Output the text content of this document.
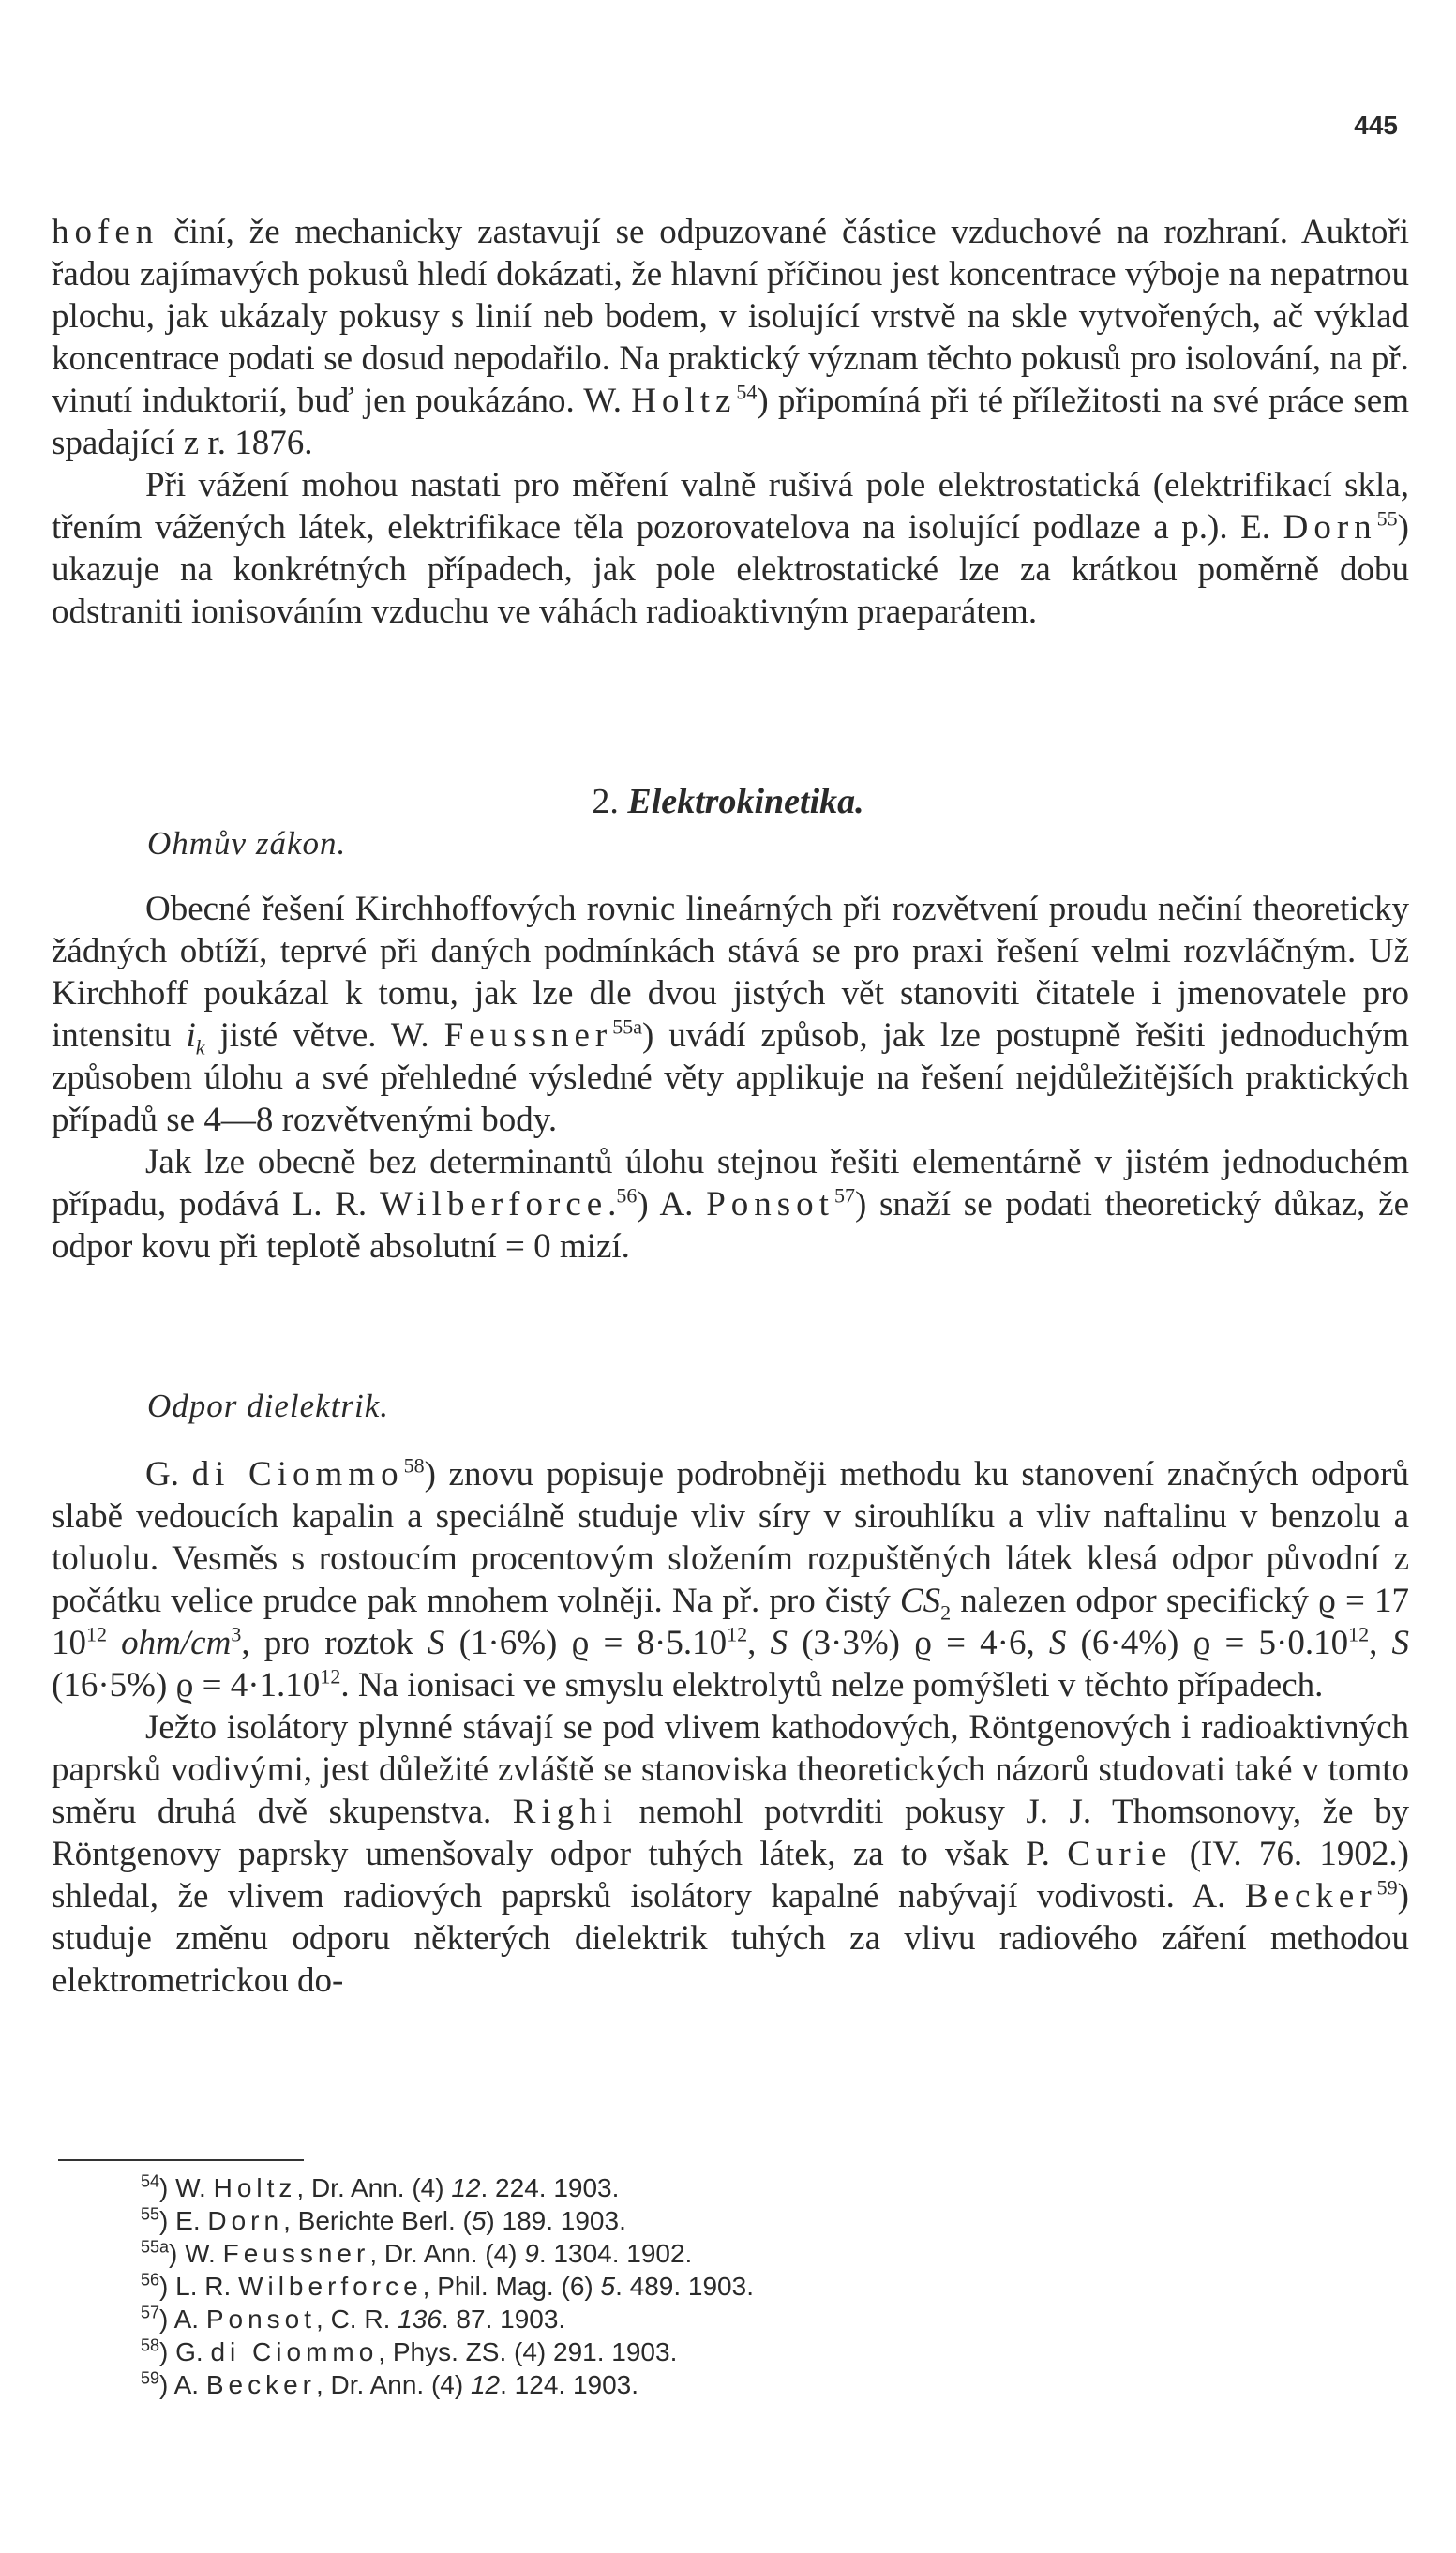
445

hofen činí, že mechanicky zastavují se odpuzované částice vzduchové na rozhraní. Auktoři řadou zajímavých pokusů hledí dokázati, že hlavní příčinou jest koncentrace výboje na nepatrnou plochu, jak ukázaly pokusy s linií neb bodem, v isolující vrstvě na skle vytvořených, ač výklad koncentrace podati se dosud nepodařilo. Na praktický význam těchto pokusů pro isolování, na př. vinutí induktorií, buď jen poukázáno. W. Holtz$^{54}$) připomíná při té příležitosti na své práce sem spadající z r. 1876.

Při vážení mohou nastati pro měření valně rušivá pole elektrostatická (elektrifikací skla, třením vážených látek, elektrifikace těla pozorovatelova na isolující podlaze a p.). E. Dorn$^{55}$) ukazuje na konkrétných případech, jak pole elektrostatické lze za krátkou poměrně dobu odstraniti ionisováním vzduchu ve váhách radioaktivným praeparátem.

2. Elektrokinetika.
Ohmův zákon.

Obecné řešení Kirchhoffových rovnic lineárných při rozvětvení proudu nečiní theoreticky žádných obtíží, teprvé při daných podmínkách stává se pro praxi řešení velmi rozvláčným. Už Kirchhoff poukázal k tomu, jak lze dle dvou jistých vět stanoviti čitatele i jmenovatele pro intensitu $i_k$ jisté větve. W. Feussner$^{55a}$) uvádí způsob, jak lze postupně řešiti jednoduchým způsobem úlohu a své přehledné výsledné věty applikuje na řešení nejdůležitějších praktických případů se 4—8 rozvětvenými body.

Jak lze obecně bez determinantů úlohu stejnou řešiti elementárně v jistém jednoduchém případu, podává L. R. Wilberforce.$^{56}$) A. Ponsot$^{57}$) snaží se podati theoretický důkaz, že odpor kovu při teplotě absolutní = 0 mizí.

Odpor dielektrik.

G. di Ciommo$^{58}$) znovu popisuje podrobněji methodu ku stanovení značných odporů slabě vedoucích kapalin a speciálně studuje vliv síry v sirouhlíku a vliv naftalinu v benzolu a toluolu. Vesměs s rostoucím procentovým složením rozpuštěných látek klesá odpor původní z počátku velice prudce pak mnohem volněji. Na př. pro čistý $CS_2$ nalezen odpor specifický ϱ = 17 $10^{12}$ ohm/$cm^3$, pro roztok S (1·6%) $ϱ = 8\cdot 5.10^{12}$, S (3·3%) ϱ = 4·6, S (6·4%) $ϱ = 5\cdot 0.10^{12}$, S (16·5%) $ϱ = 4\cdot 1.10^{12}$. Na ionisaci ve smyslu elektrolytů nelze pomýšleti v těchto případech.

Ježto isolátory plynné stávají se pod vlivem kathodových, Röntgenových i radioaktivných paprsků vodivými, jest důležité zvláště se stanoviska theoretických názorů studovati také v tomto směru druhá dvě skupenstva. Righi nemohl potvrditi pokusy J. J. Thomsonovy, že by Röntgenovy paprsky umenšovaly odpor tuhých látek, za to však P. Curie (IV. 76. 1902.) shledal, že vlivem radiových paprsků isolátory kapalné nabývají vodivosti. A. Becker$^{59}$) studuje změnu odporu některých dielektrik tuhých za vlivu radiového záření methodou elektrometrickou do-

$^{54}$) W. Holtz, Dr. Ann. (4) 12. 224. 1903.
$^{55}$) E. Dorn, Berichte Berl. (5) 189. 1903.
$^{55a}$) W. Feussner, Dr. Ann. (4) 9. 1304. 1902.
$^{56}$) L. R. Wilberforce, Phil. Mag. (6) 5. 489. 1903.
$^{57}$) A. Ponsot, C. R. 136. 87. 1903.
$^{58}$) G. di Ciommo, Phys. ZS. (4) 291. 1903.
$^{59}$) A. Becker, Dr. Ann. (4) 12. 124. 1903.
